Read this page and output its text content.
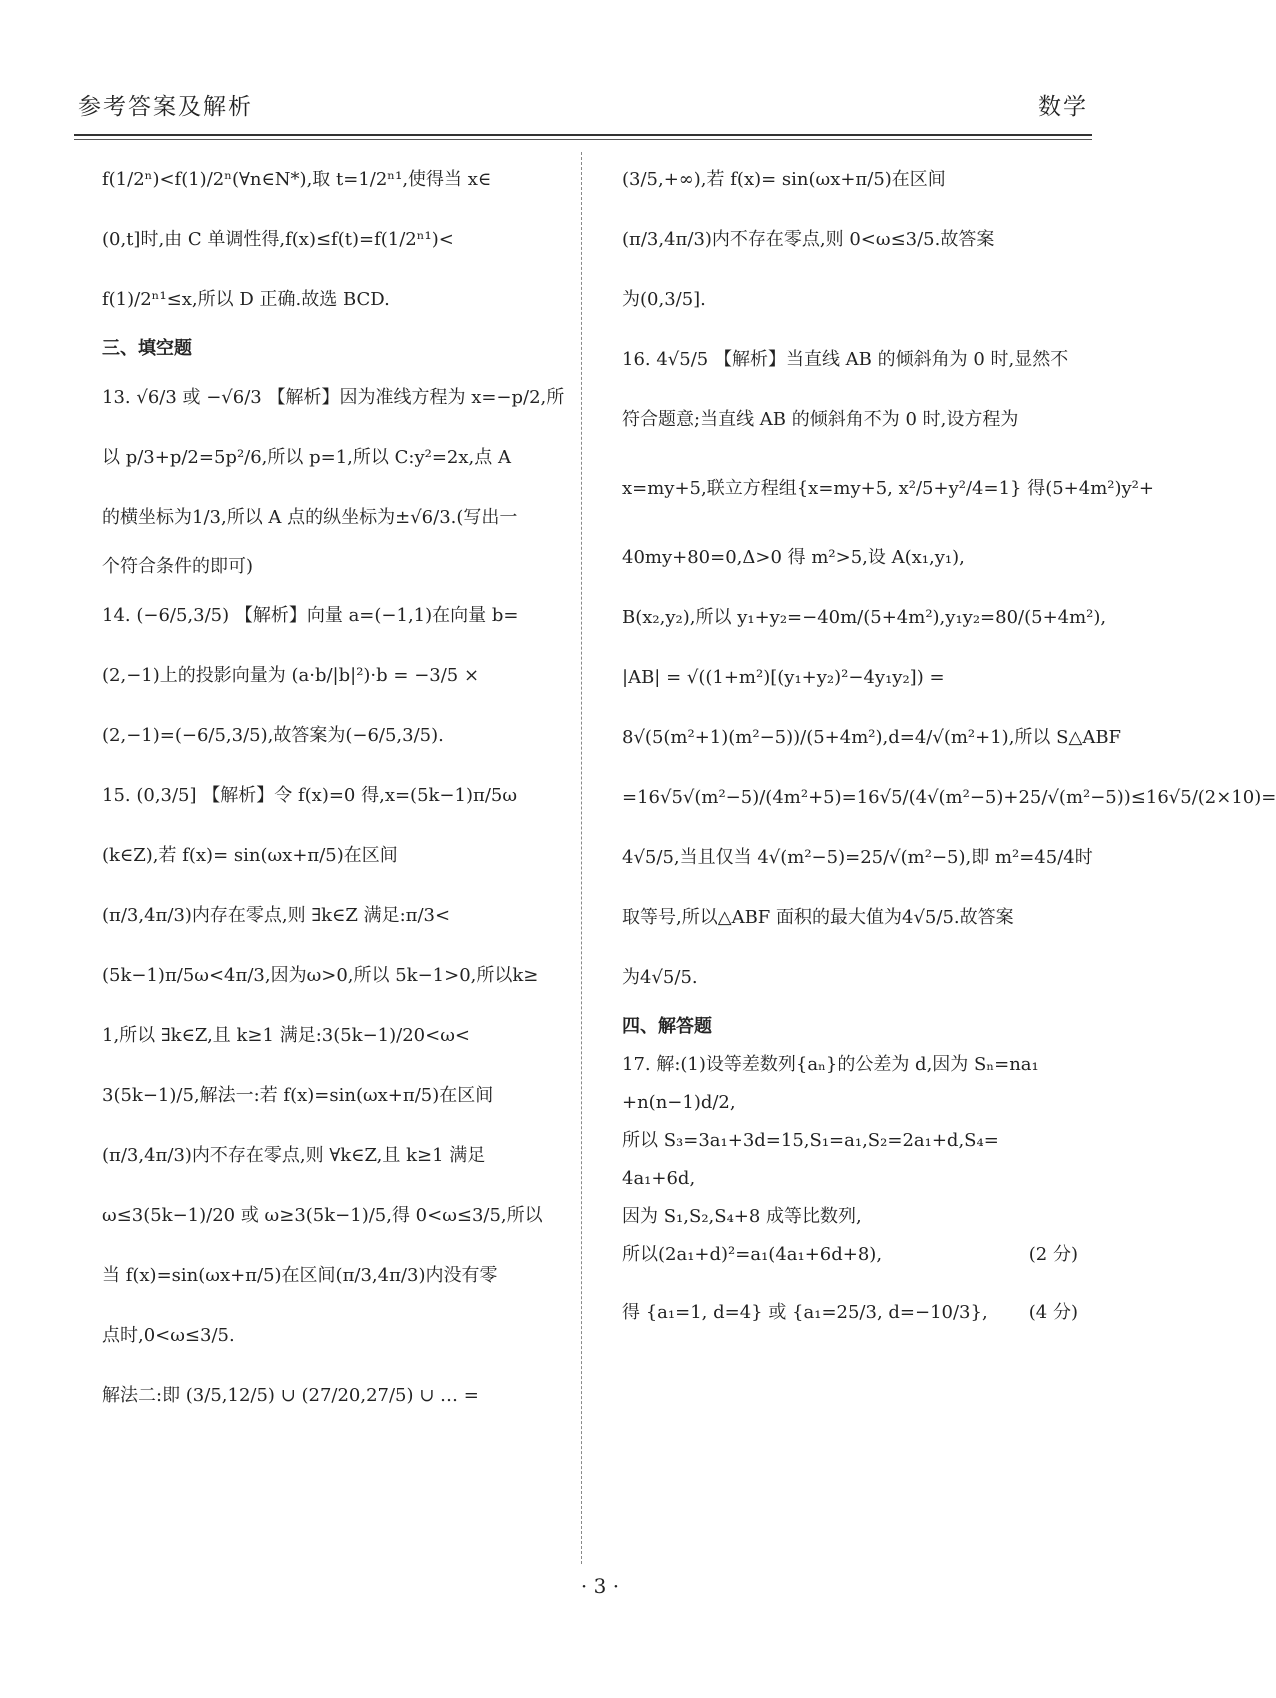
参考答案及解析	数学
f(1/2ⁿ)<f(1)/2ⁿ(∀n∈N*),取 t=1/2ⁿ¹,使得当 x∈
(0,t]时,由 C 单调性得,f(x)≤f(t)=f(1/2ⁿ¹)<
f(1)/2ⁿ¹≤x,所以 D 正确.故选 BCD.
三、填空题
13. √6/3 或 −√6/3 【解析】因为准线方程为 x=−p/2,所
以 p/3+p/2=5p²/6,所以 p=1,所以 C:y²=2x,点 A
的横坐标为1/3,所以 A 点的纵坐标为±√6/3.(写出一
个符合条件的即可)
14. (−6/5,3/5) 【解析】向量 a=(−1,1)在向量 b=
(2,−1)上的投影向量为 (a·b/|b|²)·b = −3/5 ×
(2,−1)=(−6/5,3/5),故答案为(−6/5,3/5).
15. (0,3/5] 【解析】令 f(x)=0 得,x=(5k−1)π/5ω
(k∈Z),若 f(x)= sin(ωx+π/5)在区间
(π/3,4π/3)内存在零点,则 ∃k∈Z 满足:π/3<
(5k−1)π/5ω<4π/3,因为ω>0,所以 5k−1>0,所以k≥
1,所以 ∃k∈Z,且 k≥1 满足:3(5k−1)/20<ω<
3(5k−1)/5,解法一:若 f(x)=sin(ωx+π/5)在区间
(π/3,4π/3)内不存在零点,则 ∀k∈Z,且 k≥1 满足
ω≤3(5k−1)/20 或 ω≥3(5k−1)/5,得 0<ω≤3/5,所以
当 f(x)=sin(ωx+π/5)在区间(π/3,4π/3)内没有零
点时,0<ω≤3/5.
解法二:即 (3/5,12/5) ∪ (27/20,27/5) ∪ … =
(3/5,+∞),若 f(x)= sin(ωx+π/5)在区间
(π/3,4π/3)内不存在零点,则 0<ω≤3/5.故答案
为(0,3/5].
16. 4√5/5 【解析】当直线 AB 的倾斜角为 0 时,显然不
符合题意;当直线 AB 的倾斜角不为 0 时,设方程为
x=my+5,联立方程组{x=my+5, x²/5+y²/4=1} 得(5+4m²)y²+
40my+80=0,Δ>0 得 m²>5,设 A(x₁,y₁),
B(x₂,y₂),所以 y₁+y₂=−40m/(5+4m²),y₁y₂=80/(5+4m²),
|AB| = √((1+m²)[(y₁+y₂)²−4y₁y₂]) =
8√(5(m²+1)(m²−5))/(5+4m²),d=4/√(m²+1),所以 S△ABF
=16√5√(m²−5)/(4m²+5)=16√5/(4√(m²−5)+25/√(m²−5))≤16√5/(2×10)=
4√5/5,当且仅当 4√(m²−5)=25/√(m²−5),即 m²=45/4时
取等号,所以△ABF 面积的最大值为4√5/5.故答案
为4√5/5.
四、解答题
17. 解:(1)设等差数列{aₙ}的公差为 d,因为 Sₙ=na₁
+n(n−1)d/2,
所以 S₃=3a₁+3d=15,S₁=a₁,S₂=2a₁+d,S₄=
4a₁+6d,
因为 S₁,S₂,S₄+8 成等比数列,
所以(2a₁+d)²=a₁(4a₁+6d+8),	(2 分)
得 {a₁=1, d=4} 或 {a₁=25/3, d=−10/3}, (4 分)
· 3 ·
